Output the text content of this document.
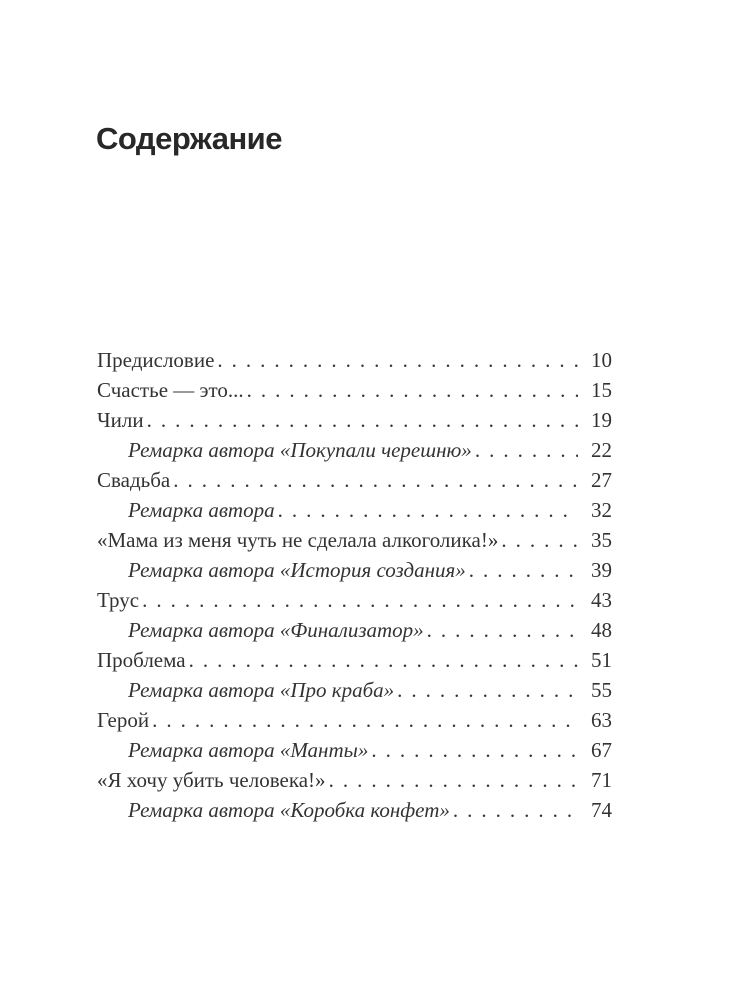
Содержание
Предисловие .....	10
Счастье — это... .....	15
Чили .....	19
Ремарка автора «Покупали черешню» .....	22
Свадьба .....	27
Ремарка автора .....	32
«Мама из меня чуть не сделала алкоголика!» .....	35
Ремарка автора «История создания» .....	39
Трус .....	43
Ремарка автора «Финализатор» .....	48
Проблема .....	51
Ремарка автора «Про краба» .....	55
Герой .....	63
Ремарка автора «Манты» .....	67
«Я хочу убить человека!» .....	71
Ремарка автора «Коробка конфет» .....	74
